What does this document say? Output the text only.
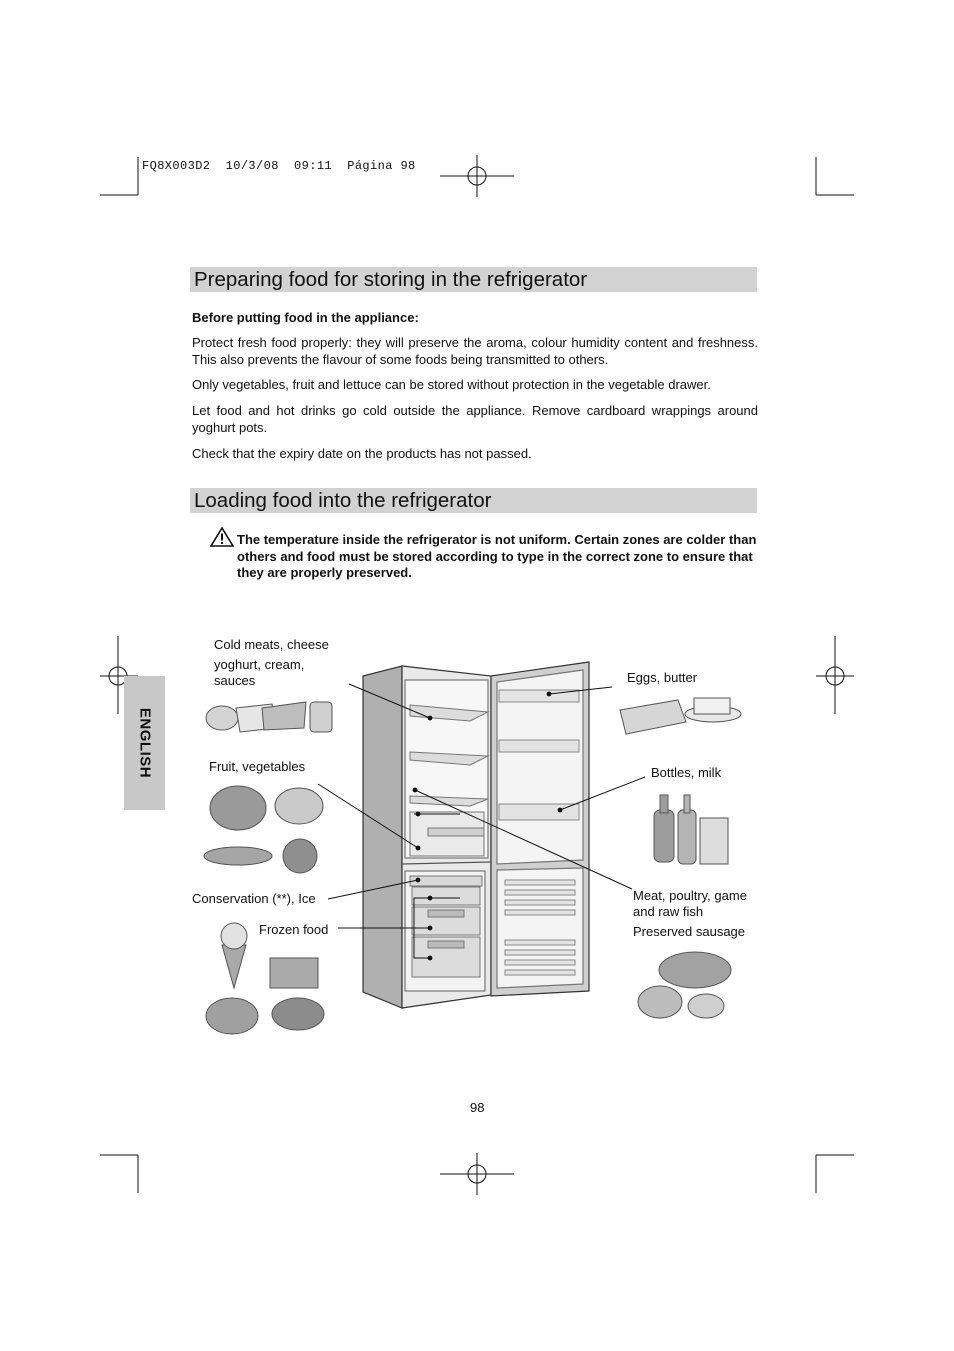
FQ8X003D2  10/3/08  09:11  Página 98
Preparing food for storing in the refrigerator
Before putting food in the appliance:
Protect fresh food properly: they will preserve the aroma, colour humidity content and freshness. This also prevents the flavour of some foods being transmitted to others.
Only vegetables, fruit and lettuce can be stored without protection in the vegetable drawer.
Let food and hot drinks go cold outside the appliance. Remove cardboard wrappings around yoghurt pots.
Check that the expiry date on the products has not passed.
Loading food into the refrigerator
The temperature inside the refrigerator is not uniform. Certain zones are colder than others and food must be stored according to type in the correct zone to ensure that they are properly preserved.
ENGLISH
Cold meats, cheese
yoghurt, cream,
sauces
Fruit, vegetables
Conservation (**), Ice
Frozen food
Eggs, butter
Bottles, milk
Meat, poultry, game
and raw fish
Preserved sausage
98
